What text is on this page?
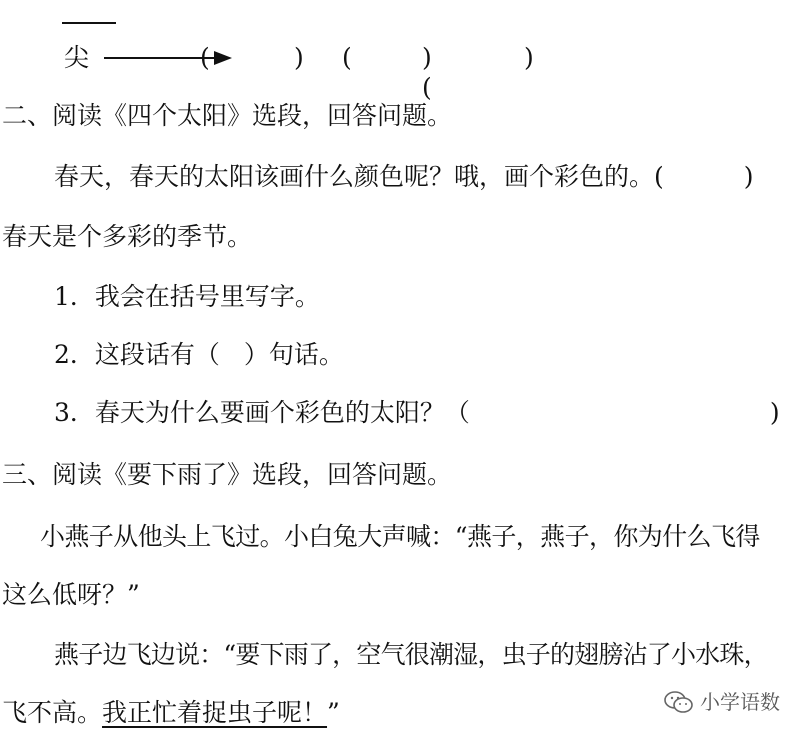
尖	(	) (	)(
)
二、阅读《四个太阳》选段，回答问题。
春天，春天的太阳该画什么颜色呢？哦，画个彩色的。(	)
春天是个多彩的季节。
1．我会在括号里写字。
2．这段话有（ ）句话。
3．春天为什么要画个彩色的太阳？（	)
三、阅读《要下雨了》选段，回答问题。
小燕子从他头上飞过。小白兔大声喊：“燕子，燕子，你为什么飞得
这么低呀？”
燕子边飞边说：“要下雨了，空气很潮湿，虫子的翅膀沾了小水珠，
飞不高。我正忙着捉虫子呢！”	小学语数
